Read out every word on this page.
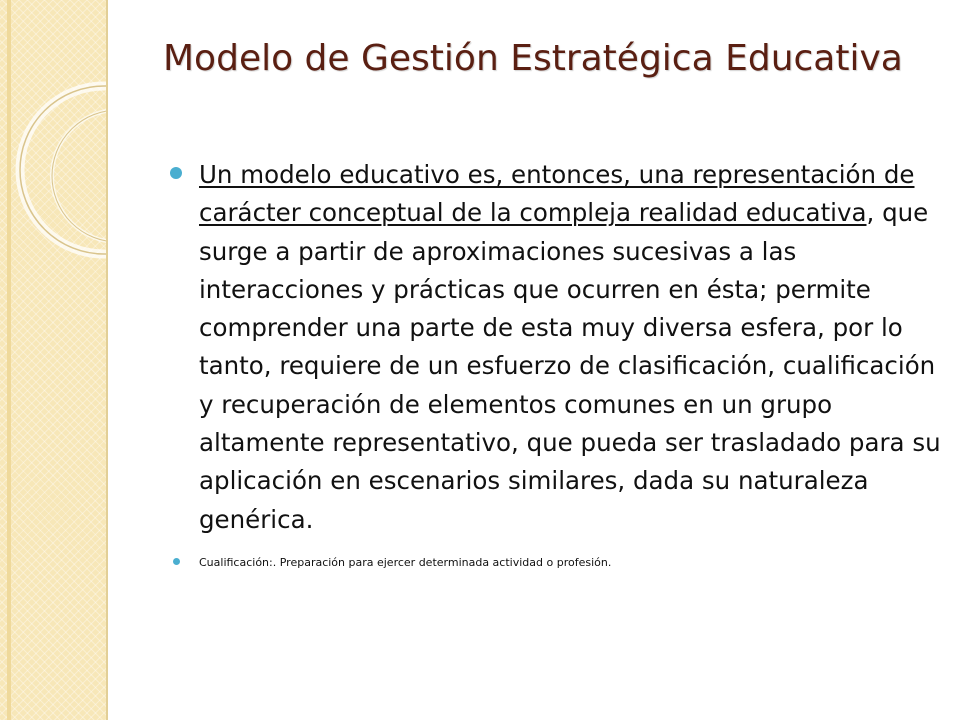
Modelo de Gestión Estratégica Educativa
Un modelo educativo es, entonces, una representación de carácter conceptual de la compleja realidad educativa, que surge a partir de aproximaciones sucesivas a las interacciones y prácticas que ocurren en ésta; permite comprender una parte de esta muy diversa esfera, por lo tanto, requiere de un esfuerzo de clasificación, cualificación y recuperación de elementos comunes en un grupo altamente representativo, que pueda ser trasladado para su aplicación en escenarios similares, dada su naturaleza genérica.
Cualificación:. Preparación para ejercer determinada actividad o profesión.
